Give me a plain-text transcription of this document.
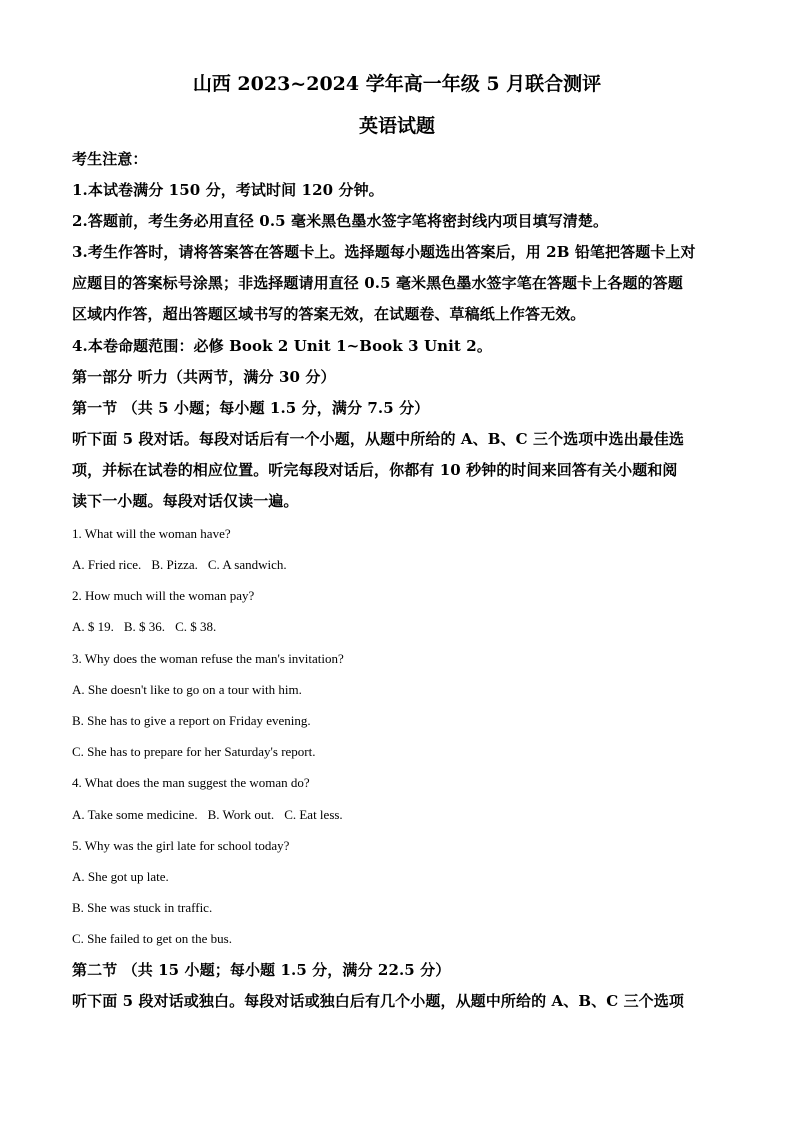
山西 2023~2024 学年高一年级 5 月联合测评
英语试题
考生注意：
1.本试卷满分 150 分，考试时间 120 分钟。
2.答题前，考生务必用直径 0.5 毫米黑色墨水签字笔将密封线内项目填写清楚。
3.考生作答时，请将答案答在答题卡上。选择题每小题选出答案后，用 2B 铅笔把答题卡上对
应题目的答案标号涂黑；非选择题请用直径 0.5 毫米黑色墨水签字笔在答题卡上各题的答题
区域内作答，超出答题区域书写的答案无效，在试题卷、草稿纸上作答无效。
4.本卷命题范围：必修 Book 2 Unit 1~Book 3 Unit 2。
第一部分 听力（共两节，满分 30 分）
第一节 （共 5 小题；每小题 1.5 分，满分 7.5 分）
听下面 5 段对话。每段对话后有一个小题，从题中所给的 A、B、C 三个选项中选出最佳选
项，并标在试卷的相应位置。听完每段对话后，你都有 10 秒钟的时间来回答有关小题和阅
读下一小题。每段对话仅读一遍。
1. What will the woman have?
A. Fried rice. B. Pizza. C. A sandwich.
2. How much will the woman pay?
A. $ 19. B. $ 36. C. $ 38.
3. Why does the woman refuse the man's invitation?
A. She doesn't like to go on a tour with him.
B. She has to give a report on Friday evening.
C. She has to prepare for her Saturday's report.
4. What does the man suggest the woman do?
A. Take some medicine. B. Work out. C. Eat less.
5. Why was the girl late for school today?
A. She got up late.
B. She was stuck in traffic.
C. She failed to get on the bus.
第二节 （共 15 小题；每小题 1.5 分，满分 22.5 分）
听下面 5 段对话或独白。每段对话或独白后有几个小题，从题中所给的 A、B、C 三个选项
